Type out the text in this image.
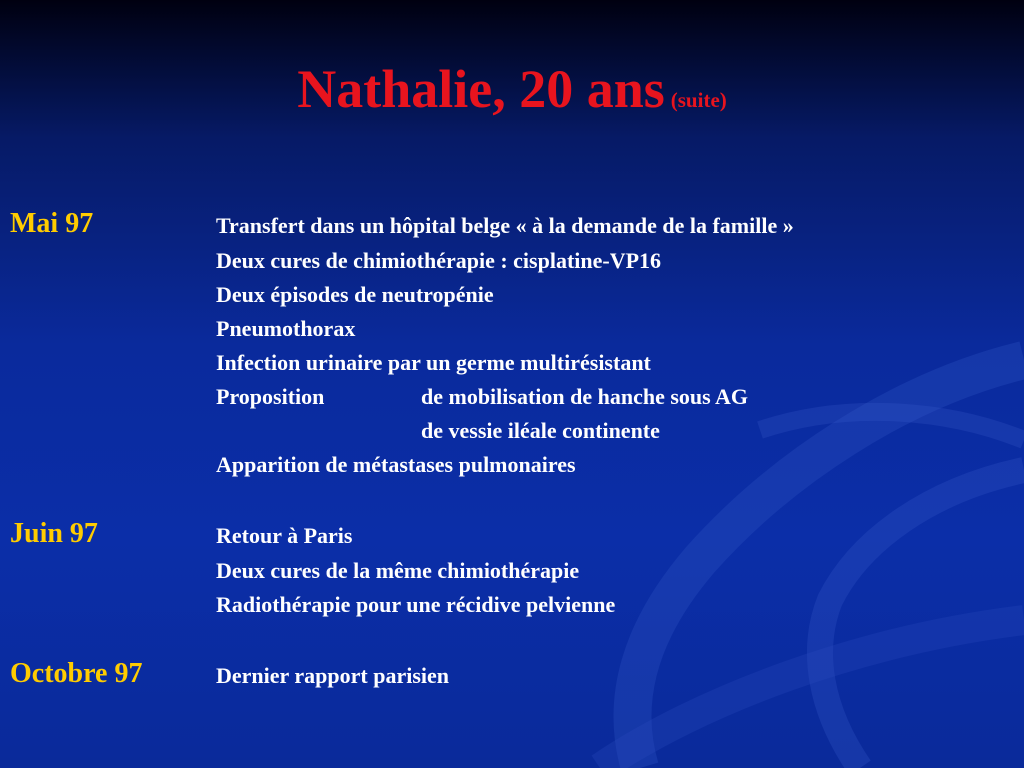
Nathalie, 20 ans (suite)
Mai 97	Transfert dans un hôpital belge « à la demande de la famille »
Deux cures de chimiothérapie : cisplatine-VP16
Deux épisodes de neutropénie
Pneumothorax
Infection urinaire par un germe multirésistant
Proposition	de mobilisation de hanche sous AG
de vessie iléale continente
Apparition de métastases pulmonaires
Juin 97	Retour à Paris
Deux cures de la même chimiothérapie
Radiothérapie pour une récidive pelvienne
Octobre 97	Dernier rapport parisien
